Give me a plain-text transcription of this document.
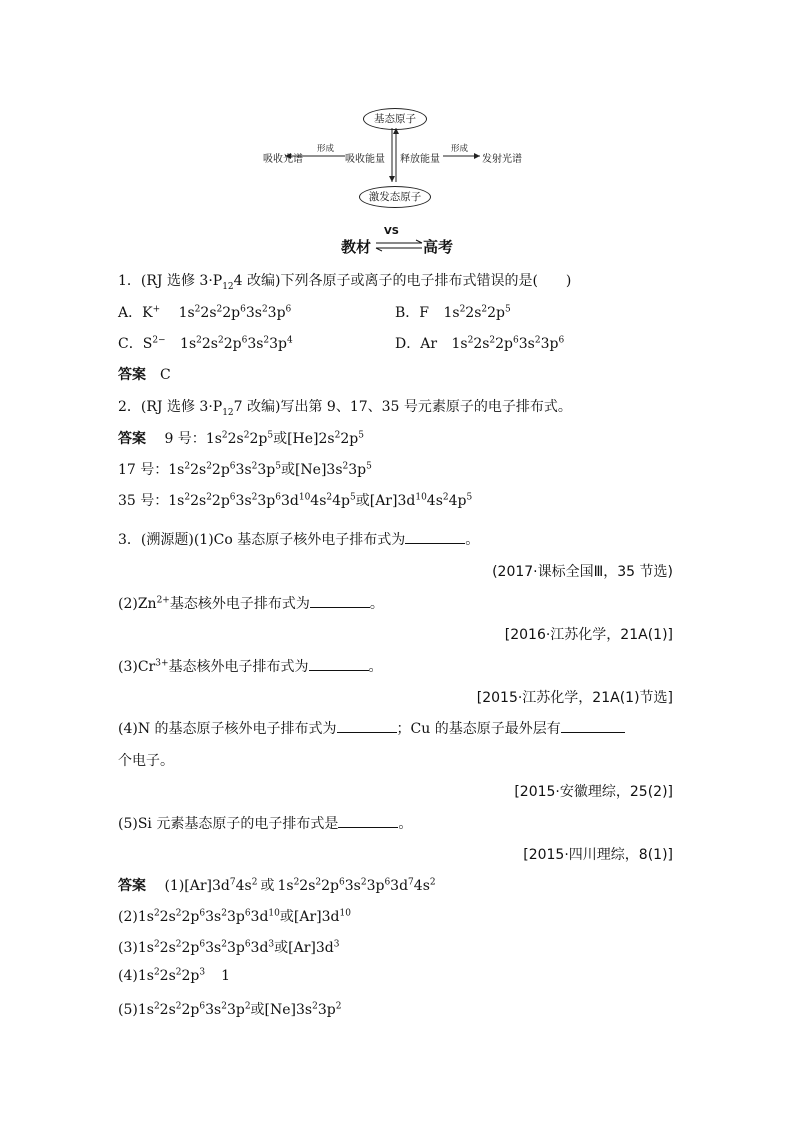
基态原子
激发态原子
吸收光谱
形成
吸收能量 释放能量
形成
发射光谱
教材
VS
⇌ 高考
1．(RJ 选修 $3\cdot P_{12}4$ 改编)下列各原子或离子的电子排布式错误的是(　　)
A．K+ $1s^22s^22p^63s^23p^6$	B．F $1s^22s^22p^5$
C．$S^{2-}$ $1s^22s^22p^63s^23p^4$	D．Ar $1s^22s^22p^63s^23p^6$
答案 C
2．(RJ 选修 $3\cdot P_{12}7$ 改编)写出第 9、17、35 号元素原子的电子排布式。
答案 9 号：$1s^22s^22p^5$或$[He]2s^22p^5$
17 号：$1s^22s^22p^63s^23p^5$或$[Ne]3s^23p^5$
35 号：$1s^22s^22p^63s^23p^63d^{10}4s^24p^5$或$[Ar]3d^{10}4s^24p^5$
3．(溯源题)(1)Co 基态原子核外电子排布式为	。
(2017·课标全国Ⅲ，35 节选)
$(2)Zn^{2+}$基态核外电子排布式为	。
[2016·江苏化学，21A(1)]
$(3)Cr^{3+}$基态核外电子排布式为	。
[2015·江苏化学，21A(1)节选]
(4)N 的基态原子核外电子排布式为	；Cu 的基态原子最外层有
个电子。
[2015·安徽理综，25(2)]
(5)Si 元素基态原子的电子排布式是	。
[2015·四川理综，8(1)]
答案 $(1)[Ar]3d^74s^2$ 或 $1s^22s^22p^63s^23p^63d^74s^2$
$(2)1s^22s^22p^63s^23p^63d^{10}$或$[Ar]3d^{10}$
$(3)1s^22s^22p^63s^23p^63d^3$或$[Ar]3d^3$
$(4)1s^22s^22p^3$ 1
$(5)1s^22s^22p^63s^23p^2$或$[Ne]3s^23p^2$
